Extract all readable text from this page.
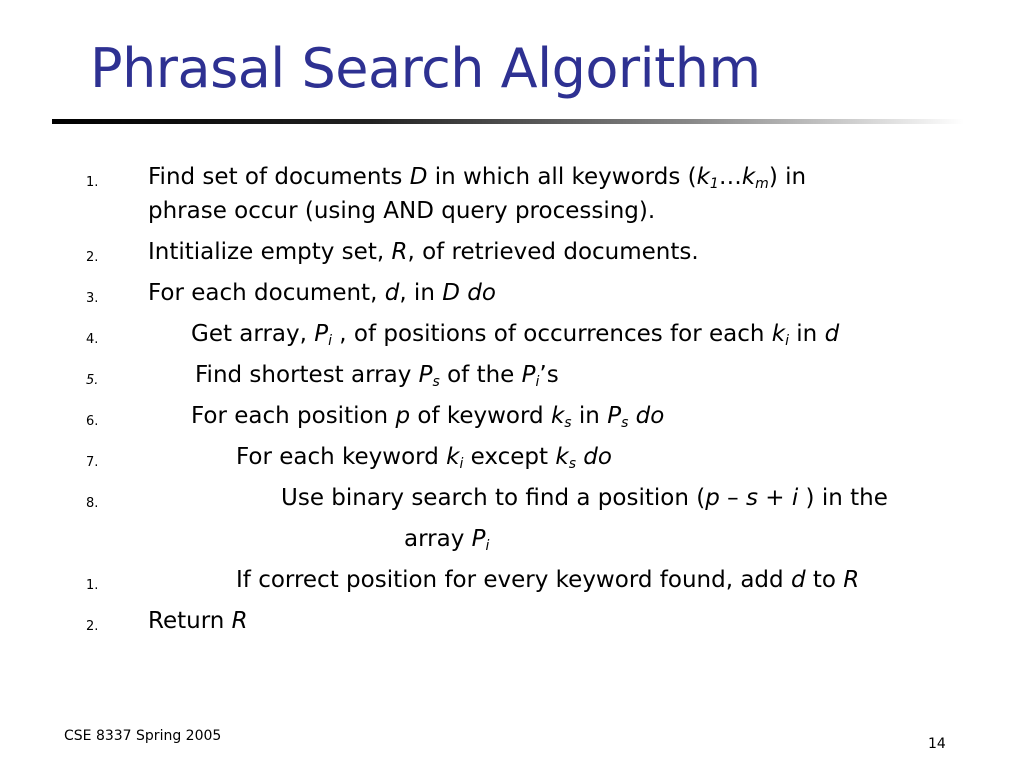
Phrasal Search Algorithm
1. Find set of documents D in which all keywords $(k_1\dots k_m)$ in
phrase occur (using AND query processing).
2. Intitialize empty set, R, of retrieved documents.
3. For each document, d, in D do
4.	Get array, $P_i$ , of positions of occurrences for each $k_i$ in d
5.	Find shortest array $P_s$ of the $P_i’s$
6.	For each position p of keyword $k_s$ in $P_s$ do
7.	For each keyword $k_i$ except $k_s$ do
8.	Use binary search to find a position (p – s + i ) in the
array $P_i$
1.	If correct position for every keyword found, add d to R
2. Return R
CSE 8337 Spring 2005	14
